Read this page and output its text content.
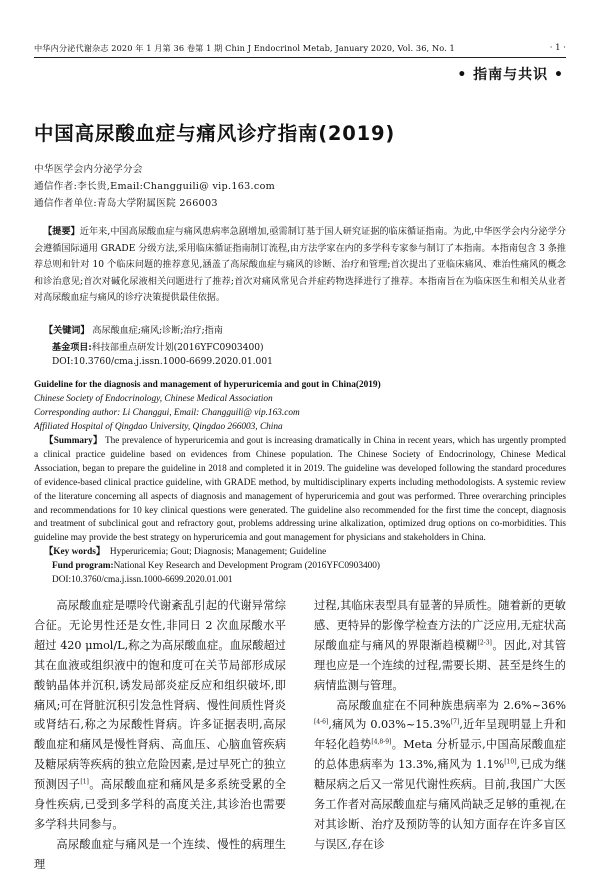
中华内分泌代谢杂志 2020 年 1 月第 36 卷第 1 期 Chin J Endocrinol Metab, January 2020, Vol. 36, No. 1	· 1 ·
• 指南与共识 •
中国高尿酸血症与痛风诊疗指南(2019)
中华医学会内分泌学分会
通信作者:李长贵,Email:Changguili@ vip.163.com
通信作者单位:青岛大学附属医院 266003

【提要】近年来,中国高尿酸血症与痛风患病率急剧增加,亟需制订基于国人研究证据的临床循证指南。为此,中华医学会内分泌学分会遵循国际通用 GRADE 分级方法,采用临床循证指南制订流程,由方法学家在内的多学科专家参与制订了本指南。本指南包含 3 条推荐总则和针对 10 个临床问题的推荐意见,涵盖了高尿酸血症与痛风的诊断、治疗和管理;首次提出了亚临床痛风、难治性痛风的概念和诊治意见;首次对碱化尿液相关问题进行了推荐;首次对痛风常见合并症药物选择进行了推荐。本指南旨在为临床医生和相关从业者对高尿酸血症与痛风的诊疗决策提供最佳依据。

【关键词】 高尿酸血症;痛风;诊断;治疗;指南
基金项目:科技部重点研发计划(2016YFC0903400)
DOI:10.3760/cma.j.issn.1000-6699.2020.01.001
Guideline for the diagnosis and management of hyperuricemia and gout in China(2019)
Chinese Society of Endocrinology, Chinese Medical Association
Corresponding author: Li Changgui, Email: Changguili@ vip.163.com
Affiliated Hospital of Qingdao University, Qingdao 266003, China
【Summary】 The prevalence of hyperuricemia and gout is increasing dramatically in China in recent years, which has urgently prompted a clinical practice guideline based on evidences from Chinese population. The Chinese Society of Endocrinology, Chinese Medical Association, began to prepare the guideline in 2018 and completed it in 2019. The guideline was developed following the standard procedures of evidence-based clinical practice guideline, with GRADE method, by multidisciplinary experts including methodologists. A systemic review of the literature concerning all aspects of diagnosis and management of hyperuricemia and gout was performed. Three overarching principles and recommendations for 10 key clinical questions were generated. The guideline also recommended for the first time the concept, diagnosis and treatment of subclinical gout and refractory gout, problems addressing urine alkalization, optimized drug options on co-morbidities. This guideline may provide the best strategy on hyperuricemia and gout management for physicians and stakeholders in China.
【Key words】 Hyperuricemia; Gout; Diagnosis; Management; Guideline
Fund program:National Key Research and Development Program (2016YFC0903400)
DOI:10.3760/cma.j.issn.1000-6699.2020.01.001

高尿酸血症是嘌呤代谢紊乱引起的代谢异常综合征。无论男性还是女性,非同日 2 次血尿酸水平超过 420 μmol/L,称之为高尿酸血症。血尿酸超过其在血液或组织液中的饱和度可在关节局部形成尿酸钠晶体并沉积,诱发局部炎症反应和组织破坏,即痛风;可在肾脏沉积引发急性肾病、慢性间质性肾炎或肾结石,称之为尿酸性肾病。许多证据表明,高尿酸血症和痛风是慢性肾病、高血压、心脑血管疾病及糖尿病等疾病的独立危险因素,是过早死亡的独立预测因子[1]。高尿酸血症和痛风是多系统受累的全身性疾病,已受到多学科的高度关注,其诊治也需要多学科共同参与。

高尿酸血症与痛风是一个连续、慢性的病理生理

过程,其临床表型具有显著的异质性。随着新的更敏感、更特异的影像学检查方法的广泛应用,无症状高尿酸血症与痛风的界限渐趋模糊[2-3]。因此,对其管理也应是一个连续的过程,需要长期、甚至是终生的病情监测与管理。

高尿酸血症在不同种族患病率为 2.6%~36%[4-6],痛风为 0.03%~15.3%[7],近年呈现明显上升和年轻化趋势[4,8-9]。Meta 分析显示,中国高尿酸血症的总体患病率为 13.3%,痛风为 1.1%[10],已成为继糖尿病之后又一常见代谢性疾病。目前,我国广大医务工作者对高尿酸血症与痛风尚缺乏足够的重视,在对其诊断、治疗及预防等的认知方面存在许多盲区与误区,存在诊
